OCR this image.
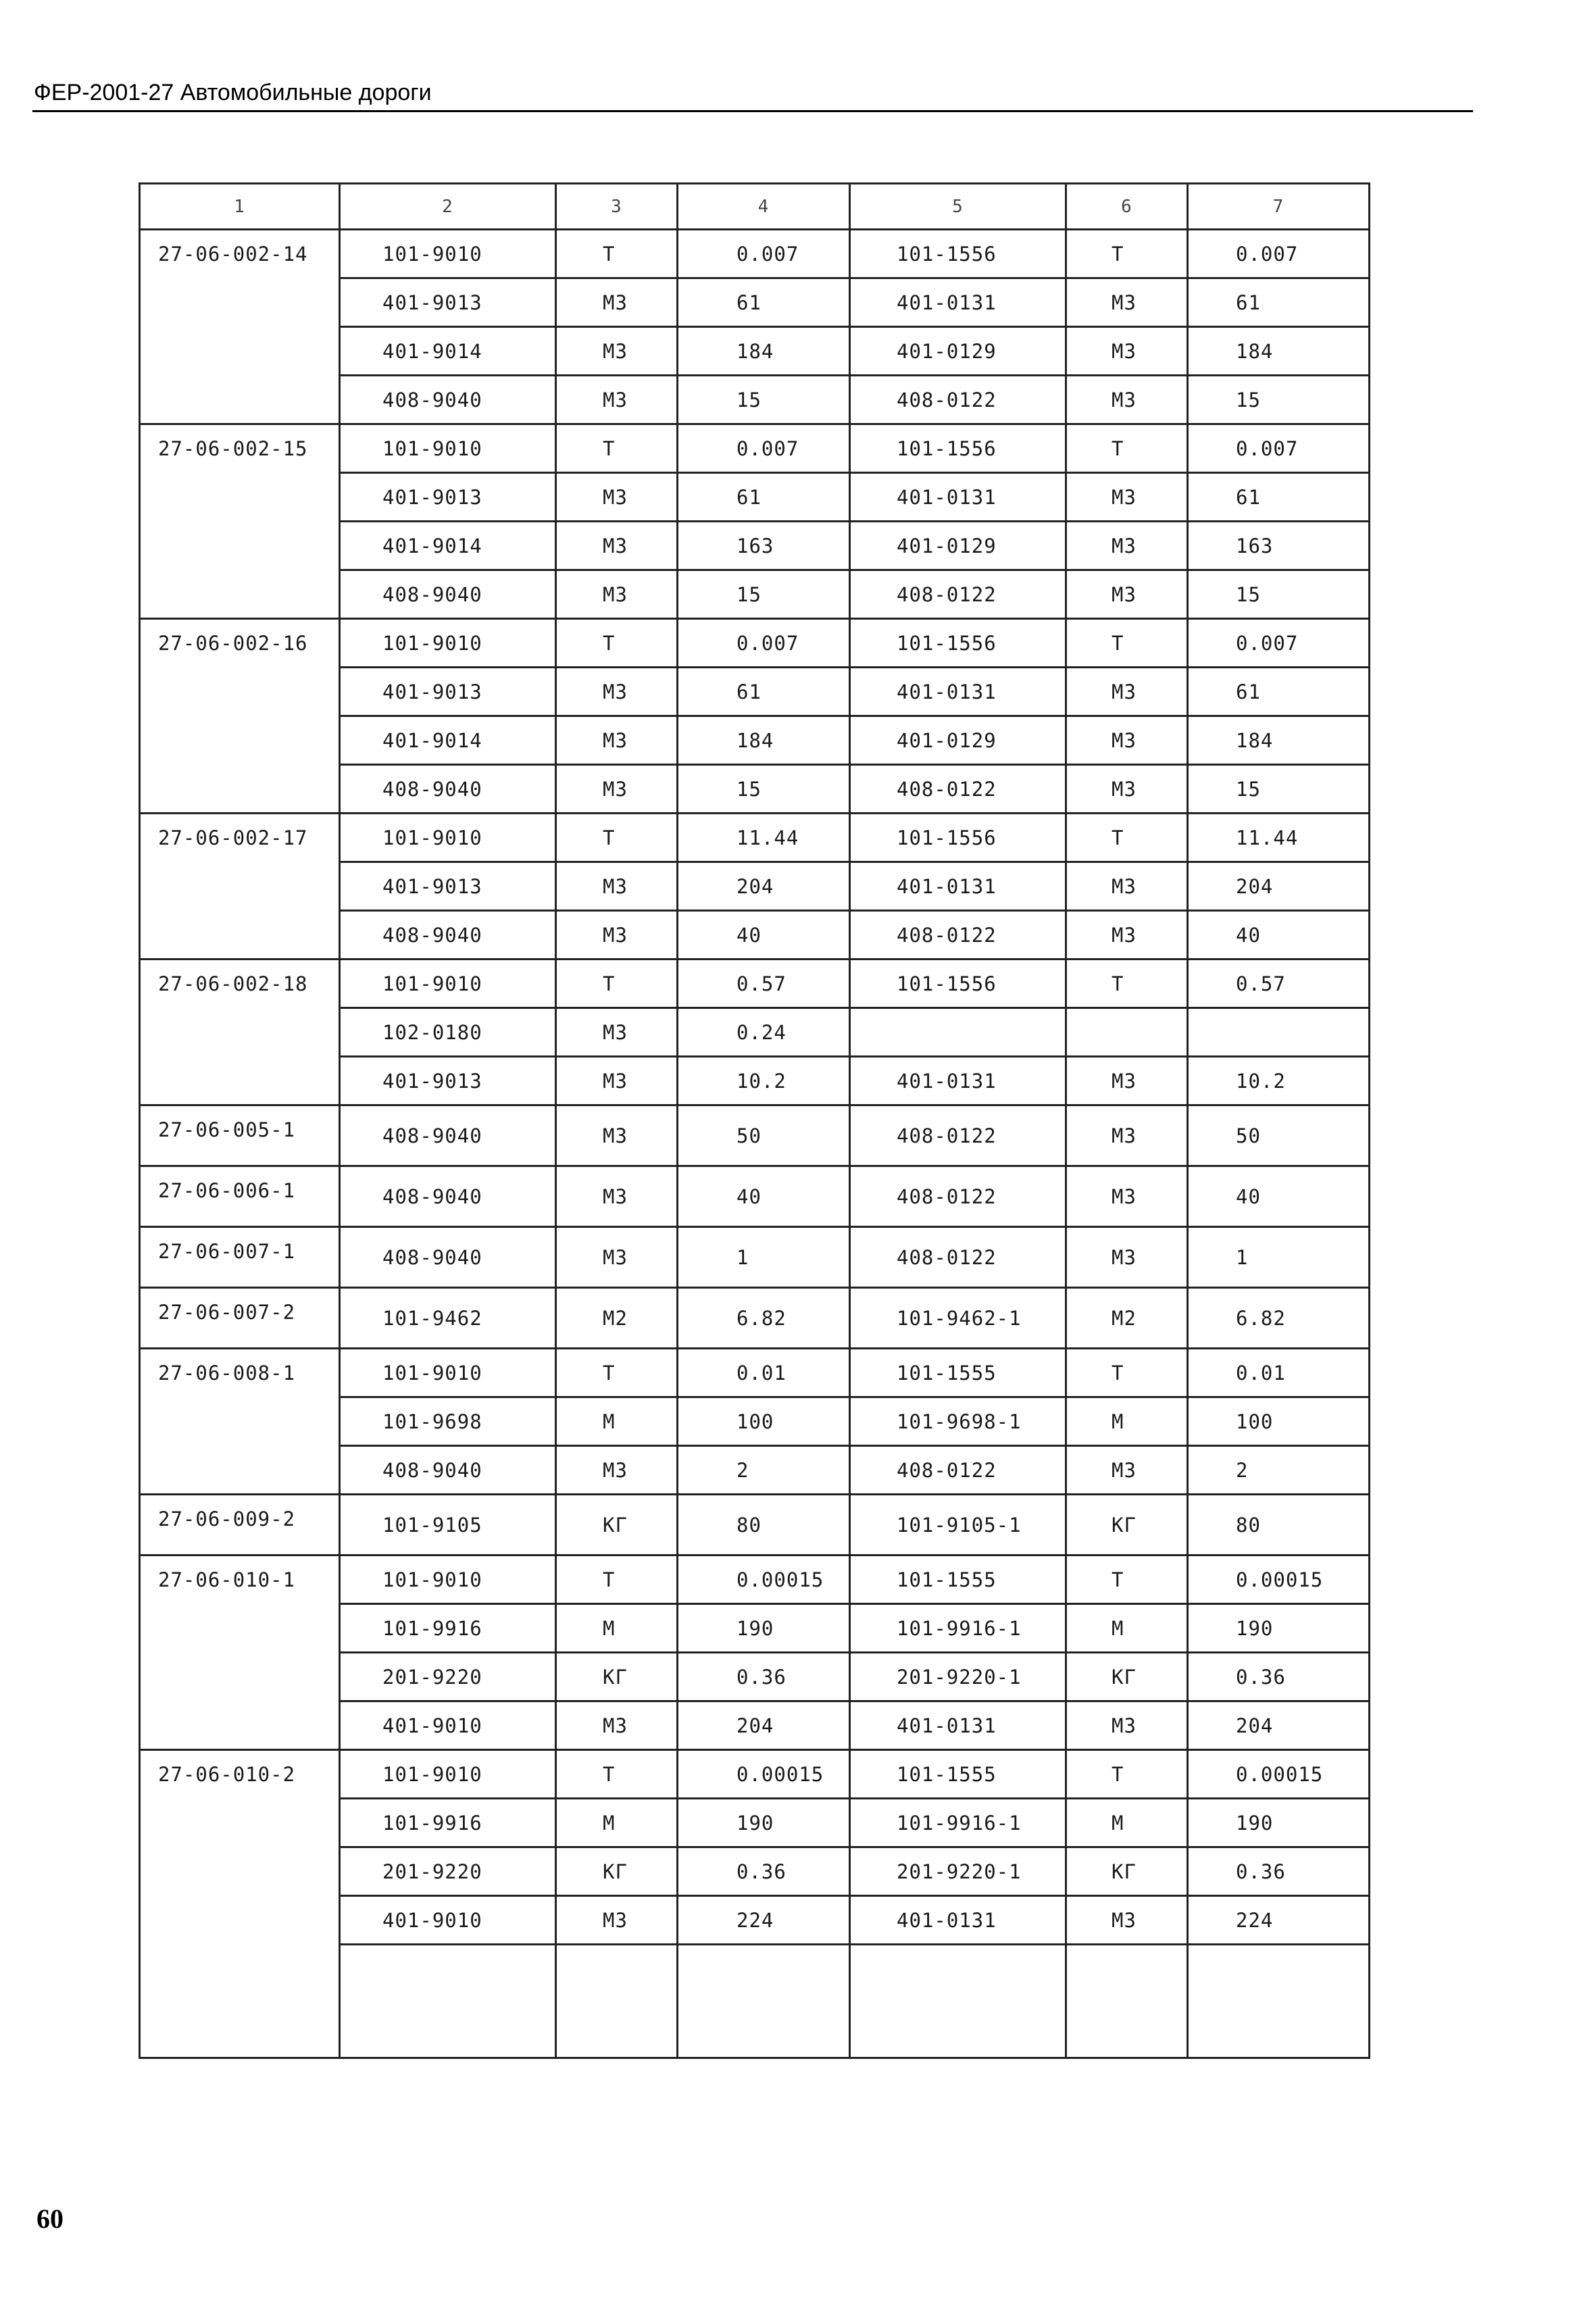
ФЕР-2001-27 Автомобильные дороги
1	2	3	4	5	6	7
27-06-002-14	101-9010	Т	0.007	101-1556	Т	0.007
	401-9013	М3	61	401-0131	М3	61
	401-9014	М3	184	401-0129	М3	184
	408-9040	М3	15	408-0122	М3	15
27-06-002-15	101-9010	Т	0.007	101-1556	Т	0.007
	401-9013	М3	61	401-0131	М3	61
	401-9014	М3	163	401-0129	М3	163
	408-9040	М3	15	408-0122	М3	15
27-06-002-16	101-9010	Т	0.007	101-1556	Т	0.007
	401-9013	М3	61	401-0131	М3	61
	401-9014	М3	184	401-0129	М3	184
	408-9040	М3	15	408-0122	М3	15
27-06-002-17	101-9010	Т	11.44	101-1556	Т	11.44
	401-9013	М3	204	401-0131	М3	204
	408-9040	М3	40	408-0122	М3	40
27-06-002-18	101-9010	Т	0.57	101-1556	Т	0.57
	102-0180	М3	0.24			
	401-9013	М3	10.2	401-0131	М3	10.2
27-06-005-1	408-9040	М3	50	408-0122	М3	50
27-06-006-1	408-9040	М3	40	408-0122	М3	40
27-06-007-1	408-9040	М3	1	408-0122	М3	1
27-06-007-2	101-9462	М2	6.82	101-9462-1	М2	6.82
27-06-008-1	101-9010	Т	0.01	101-1555	Т	0.01
	101-9698	М	100	101-9698-1	М	100
	408-9040	М3	2	408-0122	М3	2
27-06-009-2	101-9105	КГ	80	101-9105-1	КГ	80
27-06-010-1	101-9010	Т	0.00015	101-1555	Т	0.00015
	101-9916	М	190	101-9916-1	М	190
	201-9220	КГ	0.36	201-9220-1	КГ	0.36
	401-9010	М3	204	401-0131	М3	204
27-06-010-2	101-9010	Т	0.00015	101-1555	Т	0.00015
	101-9916	М	190	101-9916-1	М	190
	201-9220	КГ	0.36	201-9220-1	КГ	0.36
	401-9010	М3	224	401-0131	М3	224

60
